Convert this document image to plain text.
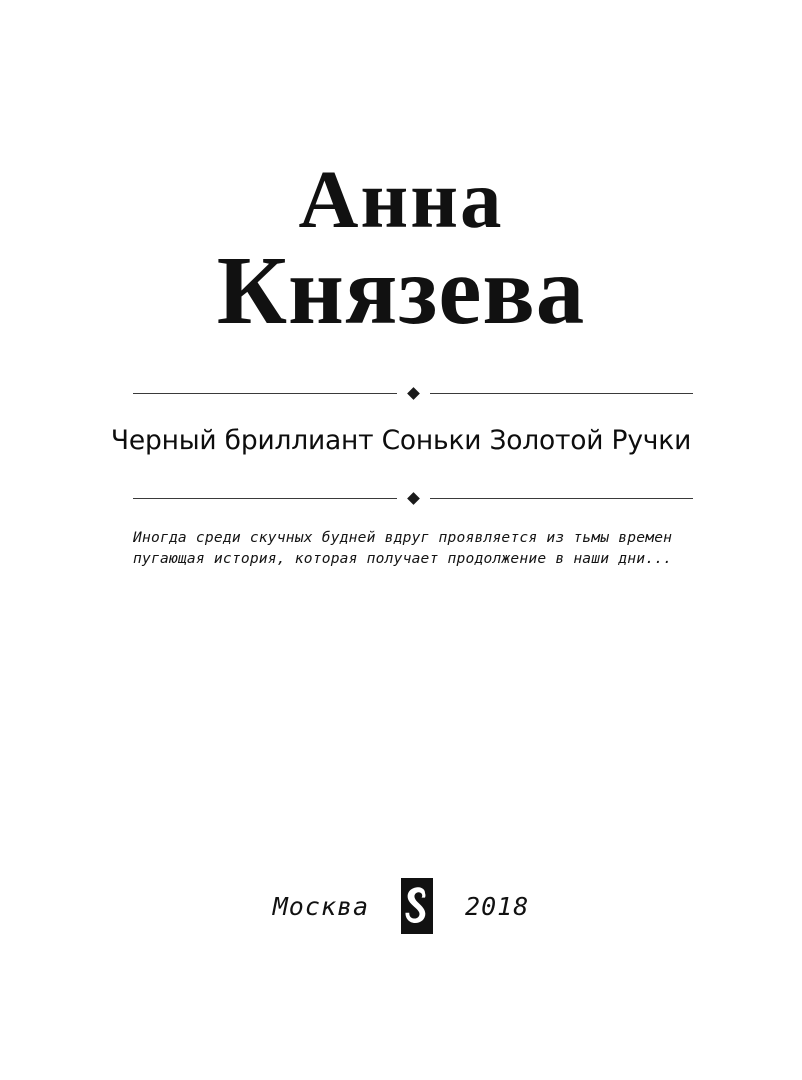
Анна
Князева
Черный бриллиант Соньки Золотой Ручки

Иногда среди скучных будней вдруг проявляется из тьмы времен пугающая история, которая получает продолжение в наши дни...

Москва	2018
